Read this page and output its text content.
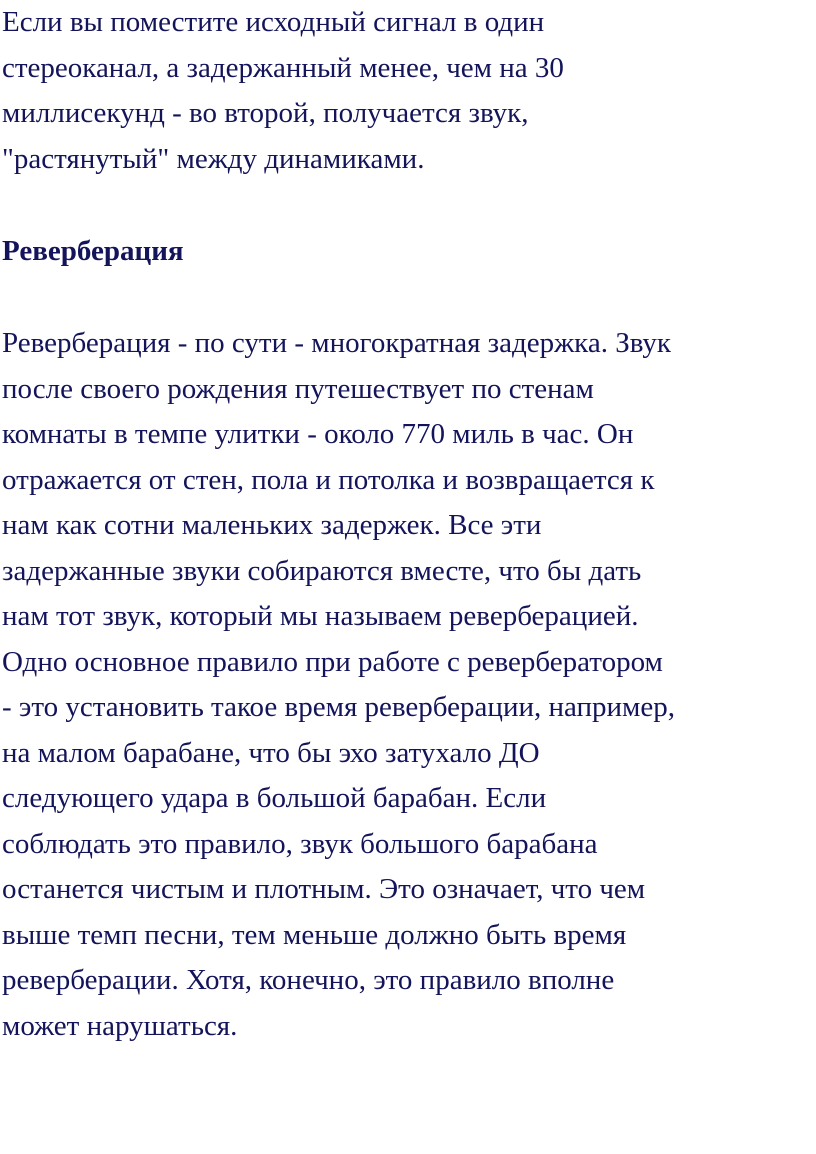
Если вы поместите исходный сигнал в один
стереоканал, а задержанный менее, чем на 30
миллисекунд - во второй, получается звук,
"растянутый" между динамиками.
Реверберация
Реверберация - по сути - многократная задержка. Звук
после своего рождения путешествует по стенам
комнаты в темпе улитки - около 770 миль в час. Он
отражается от стен, пола и потолка и возвращается к
нам как сотни маленьких задержек. Все эти
задержанные звуки собираются вместе, что бы дать
нам тот звук, который мы называем реверберацией.
Одно основное правило при работе с ревербератором
- это установить такое время реверберации, например,
на малом барабане, что бы эхо затухало ДО
следующего удара в большой барабан. Если
соблюдать это правило, звук большого барабана
останется чистым и плотным. Это означает, что чем
выше темп песни, тем меньше должно быть время
реверберации. Хотя, конечно, это правило вполне
может нарушаться.
